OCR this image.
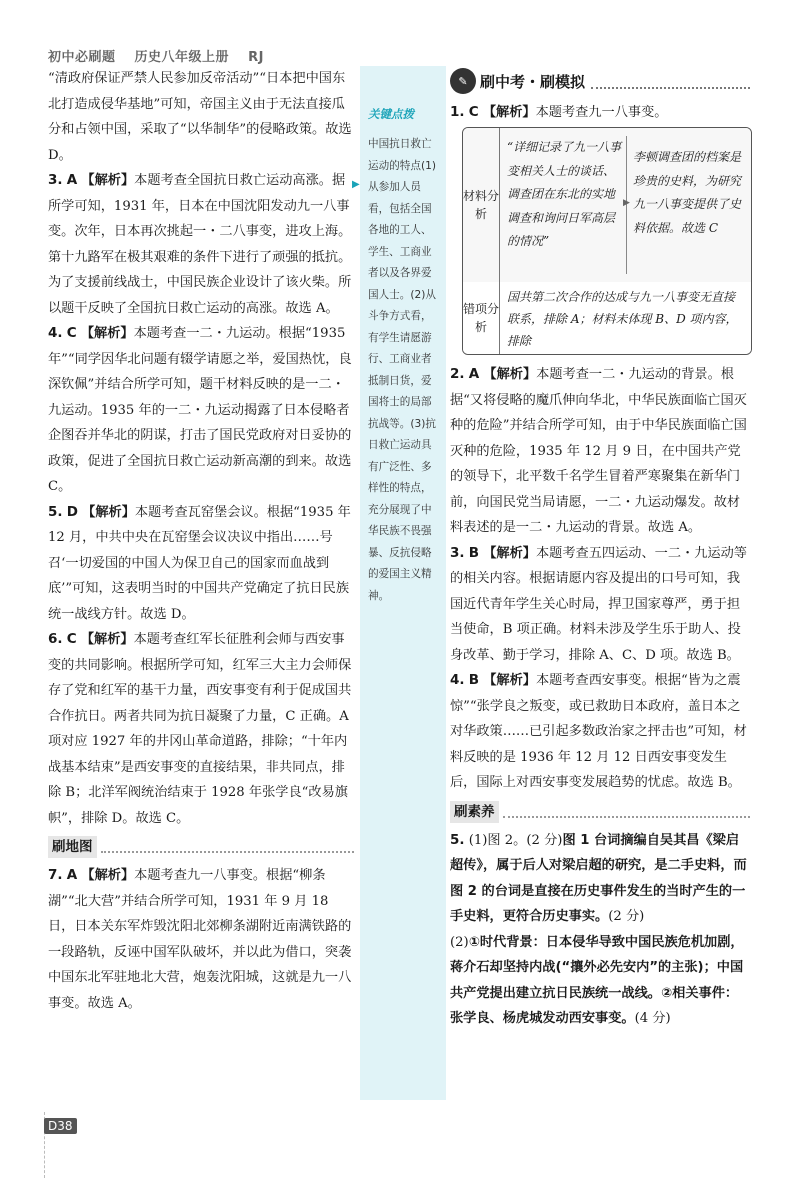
初中必刷题 历史八年级上册 RJ

“清政府保证严禁人民参加反帝活动”“日本把中国东北打造成侵华基地”可知，帝国主义由于无法直接瓜分和占领中国，采取了“以华制华”的侵略政策。故选 D。

3. A 【解析】本题考查全国抗日救亡运动高涨。据所学可知，1931 年，日本在中国沈阳发动九一八事变。次年，日本再次挑起一・二八事变，进攻上海。第十九路军在极其艰难的条件下进行了顽强的抵抗。为了支援前线战士，中国民族企业设计了该火柴。所以题干反映了全国抗日救亡运动的高涨。故选 A。

4. C 【解析】本题考查一二・九运动。根据“1935 年”“同学因华北问题有辍学请愿之举，爱国热忱，良深钦佩”并结合所学可知，题干材料反映的是一二・九运动。1935 年的一二・九运动揭露了日本侵略者企图吞并华北的阴谋，打击了国民党政府对日妥协的政策，促进了全国抗日救亡运动新高潮的到来。故选 C。

5. D 【解析】本题考查瓦窑堡会议。根据“1935 年 12 月，中共中央在瓦窑堡会议决议中指出……号召‘一切爱国的中国人为保卫自己的国家而血战到底’”可知，这表明当时的中国共产党确定了抗日民族统一战线方针。故选 D。

6. C 【解析】本题考查红军长征胜利会师与西安事变的共同影响。根据所学可知，红军三大主力会师保存了党和红军的基干力量，西安事变有利于促成国共合作抗日。两者共同为抗日凝聚了力量，C 正确。A 项对应 1927 年的井冈山革命道路，排除；“十年内战基本结束”是西安事变的直接结果，非共同点，排除 B；北洋军阀统治结束于 1928 年张学良“改易旗帜”，排除 D。故选 C。

刷地图

7. A 【解析】本题考查九一八事变。根据“柳条湖”“北大营”并结合所学可知，1931 年 9 月 18 日，日本关东军炸毁沈阳北郊柳条湖附近南满铁路的一段路轨，反诬中国军队破坏，并以此为借口，突袭中国东北军驻地北大营，炮轰沈阳城，这就是九一八事变。故选 A。

关键点拨
中国抗日救亡运动的特点(1)从参加人员看，包括全国各地的工人、学生、工商业者以及各界爱国人士。(2)从斗争方式看，有学生请愿游行、工商业者抵制日货，爱国将士的局部抗战等。(3)抗日救亡运动具有广泛性、多样性的特点，充分展现了中华民族不畏强暴、反抗侵略的爱国主义精神。
▶
✎ 刷中考・刷模拟

1. C 【解析】本题考查九一八事变。

材料分析
“详细记录了九一八事变相关人士的谈话、调查团在东北的实地调查和询问日军高层的情况”
▶
李顿调查团的档案是珍贵的史料，为研究九一八事变提供了史料依据。故选 C
错项分析
国共第二次合作的达成与九一八事变无直接联系，排除 A；材料未体现 B、D 项内容，排除

2. A 【解析】本题考查一二・九运动的背景。根据“又将侵略的魔爪伸向华北，中华民族面临亡国灭种的危险”并结合所学可知，由于中华民族面临亡国灭种的危险，1935 年 12 月 9 日，在中国共产党的领导下，北平数千名学生冒着严寒聚集在新华门前，向国民党当局请愿，一二・九运动爆发。故材料表述的是一二・九运动的背景。故选 A。

3. B 【解析】本题考查五四运动、一二・九运动等的相关内容。根据请愿内容及提出的口号可知，我国近代青年学生关心时局，捍卫国家尊严，勇于担当使命，B 项正确。材料未涉及学生乐于助人、投身改革、勤于学习，排除 A、C、D 项。故选 B。

4. B 【解析】本题考查西安事变。根据“皆为之震惊”“张学良之叛变，或已救助日本政府，盖日本之对华政策……已引起多数政治家之抨击也”可知，材料反映的是 1936 年 12 月 12 日西安事变发生后，国际上对西安事变发展趋势的忧虑。故选 B。

刷素养

5. (1)图 2。(2 分)图 1 台词摘编自吴其昌《梁启超传》，属于后人对梁启超的研究，是二手史料，而图 2 的台词是直接在历史事件发生的当时产生的一手史料，更符合历史事实。(2 分)

(2)①时代背景：日本侵华导致中国民族危机加剧，蒋介石却坚持内战(“攘外必先安内”的主张)；中国共产党提出建立抗日民族统一战线。②相关事件：张学良、杨虎城发动西安事变。(4 分)

D38
